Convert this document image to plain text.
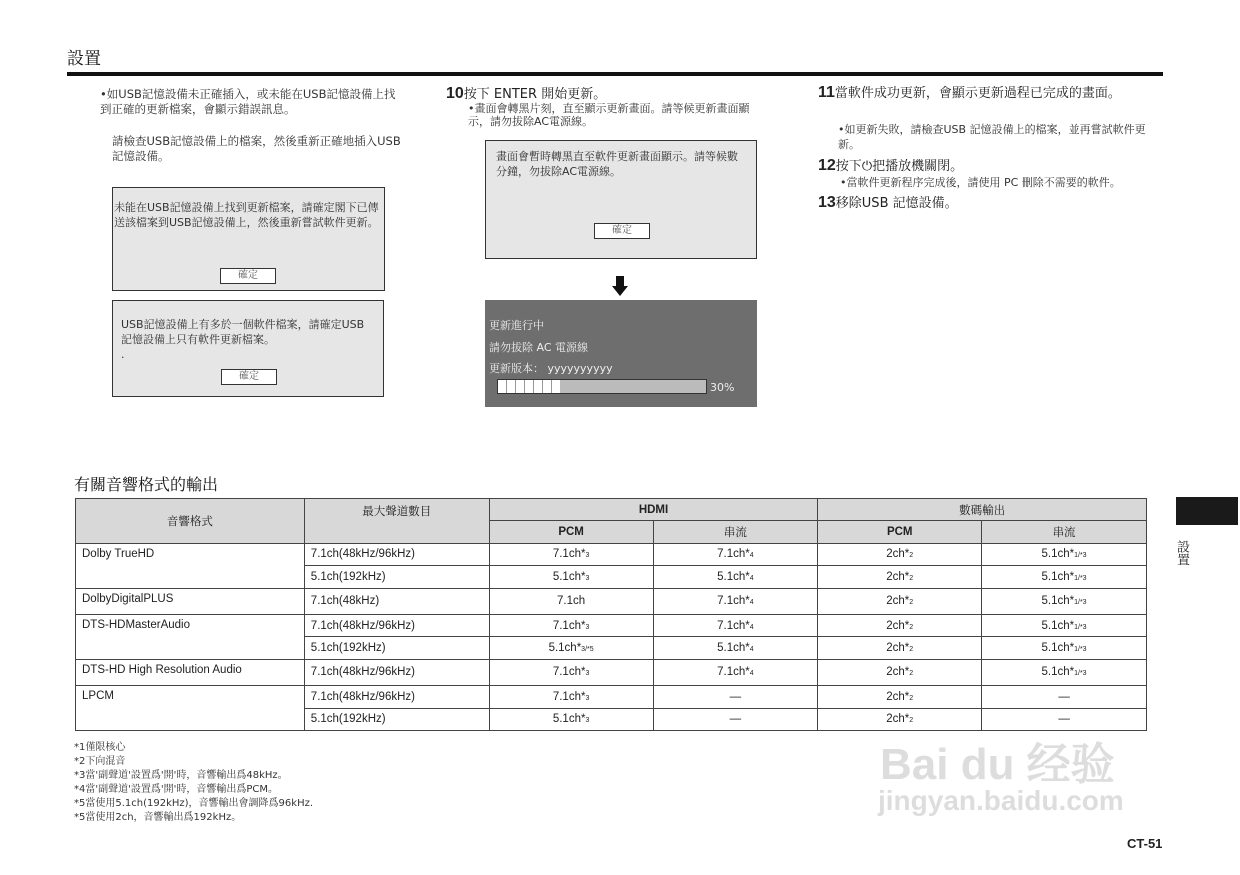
設置
•如USB記憶設備未正確插入，或未能在USB記憶設備上找到正確的更新檔案，會顯示錯誤訊息。
請檢查USB記憶設備上的檔案，然後重新正確地插入USB記憶設備。
未能在USB記憶設備上找到更新檔案，請確定閣下已傳送該檔案到USB記憶設備上，然後重新嘗試軟件更新。
確定
USB記憶設備上有多於一個軟件檔案，請確定USB記憶設備上只有軟件更新檔案。
.
確定
10按下 ENTER 開始更新。
•畫面會轉黑片刻，直至顯示更新畫面。請等候更新畫面顯示，請勿拔除AC電源線。
畫面會暫時轉黑直至軟件更新畫面顯示。請等候數分鐘，勿拔除AC電源線。
確定
更新進行中
請勿拔除 AC 電源線
更新版本： yyyyyyyyyy
30%
11當軟件成功更新，會顯示更新過程已完成的畫面。
•如更新失敗，請檢查USB 記憶設備上的檔案，並再嘗試軟件更新。
12按下⏻把播放機關閉。
•當軟件更新程序完成後，請使用 PC 刪除不需要的軟件。
13移除USB 記憶設備。
有關音響格式的輸出
音響格式	最大聲道數目	HDMI		數碼輸出	
		PCM	串流	PCM	串流
Dolby TrueHD	7.1ch(48kHz/96kHz)	7.1ch*3	7.1ch*4	2ch*2	5.1ch*1/*3
	5.1ch(192kHz)	5.1ch*3	5.1ch*4	2ch*2	5.1ch*1/*3
DolbyDigitalPLUS	7.1ch(48kHz)	7.1ch	7.1ch*4	2ch*2	5.1ch*1/*3
DTS-HDMasterAudio	7.1ch(48kHz/96kHz)	7.1ch*3	7.1ch*4	2ch*2	5.1ch*1/*3
	5.1ch(192kHz)	5.1ch*3/*5	5.1ch*4	2ch*2	5.1ch*1/*3
DTS-HD High Resolution Audio	7.1ch(48kHz/96kHz)	7.1ch*3	7.1ch*4	2ch*2	5.1ch*1/*3
LPCM	7.1ch(48kHz/96kHz)	7.1ch*3	—	2ch*2	—
	5.1ch(192kHz)	5.1ch*3	—	2ch*2	—
*1僅限核心
*2下向混音
*3當'副聲道'設置爲'開'時，音響輸出爲48kHz。
*4當'副聲道'設置爲'開'時，音響輸出爲PCM。
*5當使用5.1ch(192kHz)，音響輸出會調降爲96kHz.
*5當使用2ch，音響輸出爲192kHz。
設置
CT-51
Bai du 经验
jingyan.baidu.com
